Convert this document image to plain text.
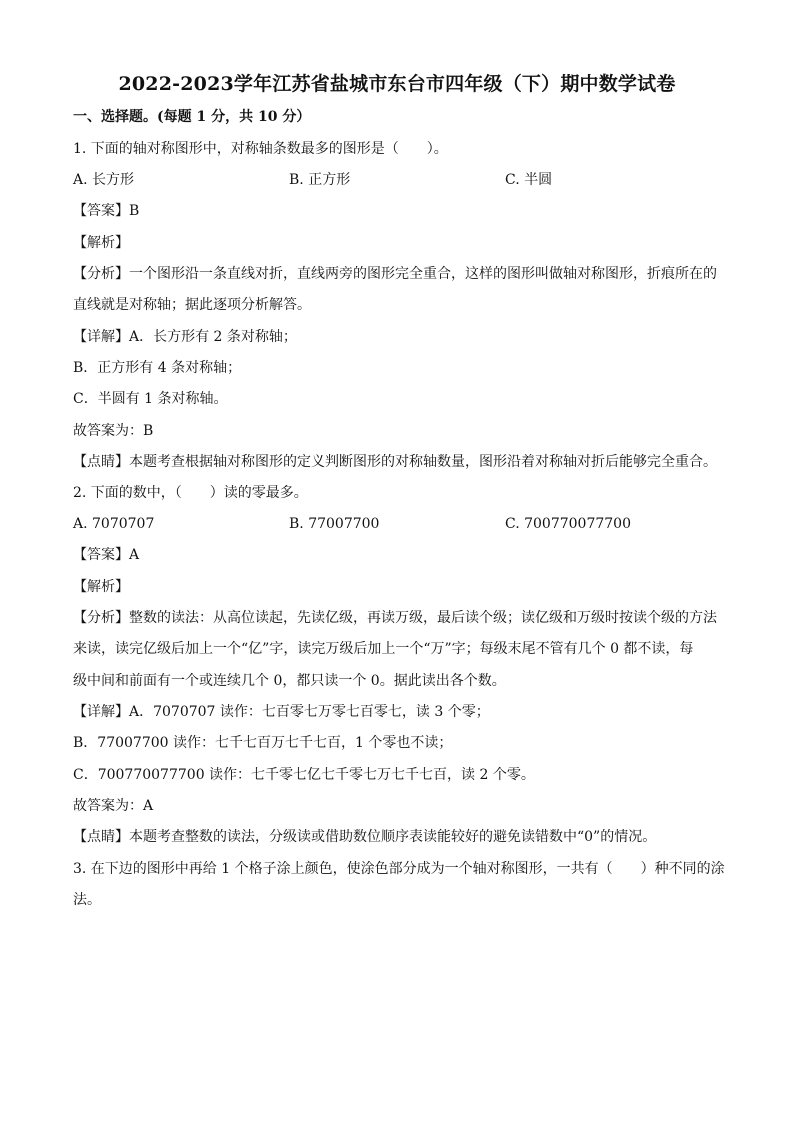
2022-2023学年江苏省盐城市东台市四年级（下）期中数学试卷
一、选择题。(每题 1 分，共 10 分）
1. 下面的轴对称图形中，对称轴条数最多的图形是（　　）。
A. 长方形	B. 正方形	C. 半圆
【答案】B
【解析】
【分析】一个图形沿一条直线对折，直线两旁的图形完全重合，这样的图形叫做轴对称图形，折痕所在的
直线就是对称轴；据此逐项分析解答。
【详解】A．长方形有 2 条对称轴；
B．正方形有 4 条对称轴；
C．半圆有 1 条对称轴。
故答案为：B
【点睛】本题考查根据轴对称图形的定义判断图形的对称轴数量，图形沿着对称轴对折后能够完全重合。
2. 下面的数中，（　　）读的零最多。
A. 7070707	B. 77007700	C. 700770077700
【答案】A
【解析】
【分析】整数的读法：从高位读起，先读亿级，再读万级，最后读个级；读亿级和万级时按读个级的方法
来读，读完亿级后加上一个“亿”字，读完万级后加上一个“万”字；每级末尾不管有几个 0 都不读，每
级中间和前面有一个或连续几个 0，都只读一个 0。据此读出各个数。
【详解】A．7070707 读作：七百零七万零七百零七，读 3 个零；
B．77007700 读作：七千七百万七千七百，1 个零也不读；
C．700770077700 读作：七千零七亿七千零七万七千七百，读 2 个零。
故答案为：A
【点睛】本题考查整数的读法，分级读或借助数位顺序表读能较好的避免读错数中“0”的情况。
3. 在下边的图形中再给 1 个格子涂上颜色，使涂色部分成为一个轴对称图形，一共有（　　）种不同的涂
法。
